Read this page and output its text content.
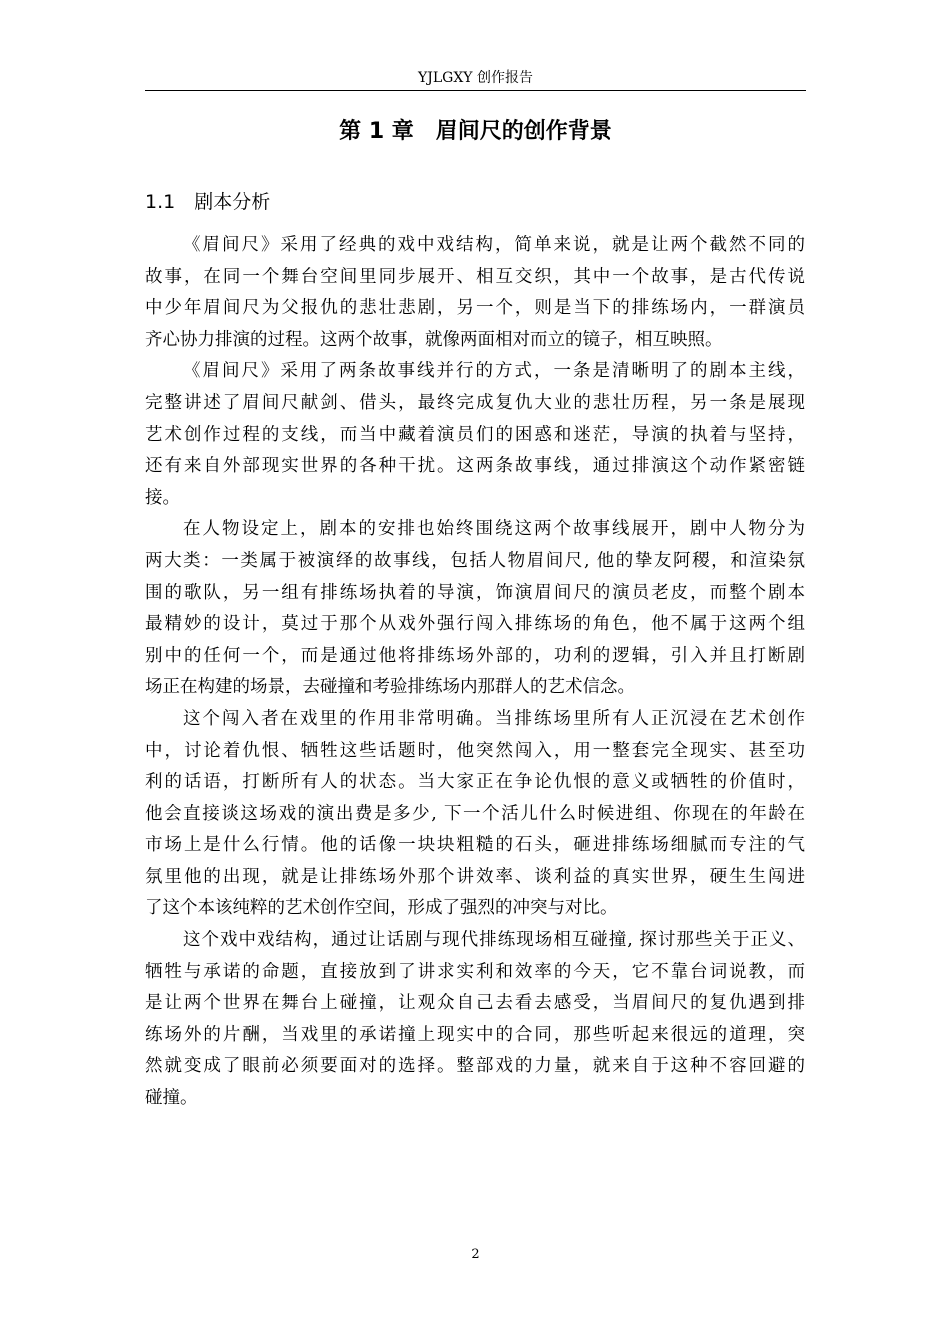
YJLGXY 创作报告
第 1 章　眉间尺的创作背景
1.1　剧本分析

《眉间尺》采用了经典的戏中戏结构，简单来说，就是让两个截然不同的
故事，在同一个舞台空间里同步展开、相互交织，其中一个故事，是古代传说
中少年眉间尺为父报仇的悲壮悲剧，另一个，则是当下的排练场内，一群演员
齐心协力排演的过程。这两个故事，就像两面相对而立的镜子，相互映照。

《眉间尺》采用了两条故事线并行的方式，一条是清晰明了的剧本主线，
完整讲述了眉间尺献剑、借头，最终完成复仇大业的悲壮历程，另一条是展现
艺术创作过程的支线，而当中藏着演员们的困惑和迷茫，导演的执着与坚持，
还有来自外部现实世界的各种干扰。这两条故事线，通过排演这个动作紧密链
接。

在人物设定上，剧本的安排也始终围绕这两个故事线展开，剧中人物分为
两大类：一类属于被演绎的故事线，包括人物眉间尺, 他的挚友阿稷，和渲染氛
围的歌队，另一组有排练场执着的导演，饰演眉间尺的演员老皮，而整个剧本
最精妙的设计，莫过于那个从戏外强行闯入排练场的角色，他不属于这两个组
别中的任何一个，而是通过他将排练场外部的，功利的逻辑，引入并且打断剧
场正在构建的场景，去碰撞和考验排练场内那群人的艺术信念。

这个闯入者在戏里的作用非常明确。当排练场里所有人正沉浸在艺术创作
中，讨论着仇恨、牺牲这些话题时，他突然闯入，用一整套完全现实、甚至功
利的话语，打断所有人的状态。当大家正在争论仇恨的意义或牺牲的价值时，
他会直接谈这场戏的演出费是多少, 下一个活儿什么时候进组、你现在的年龄在
市场上是什么行情。他的话像一块块粗糙的石头，砸进排练场细腻而专注的气
氛里他的出现，就是让排练场外那个讲效率、谈利益的真实世界，硬生生闯进
了这个本该纯粹的艺术创作空间，形成了强烈的冲突与对比。

这个戏中戏结构，通过让话剧与现代排练现场相互碰撞, 探讨那些关于正义、
牺牲与承诺的命题，直接放到了讲求实利和效率的今天，它不靠台词说教，而
是让两个世界在舞台上碰撞，让观众自己去看去感受，当眉间尺的复仇遇到排
练场外的片酬，当戏里的承诺撞上现实中的合同，那些听起来很远的道理，突
然就变成了眼前必须要面对的选择。整部戏的力量，就来自于这种不容回避的
碰撞。

2
